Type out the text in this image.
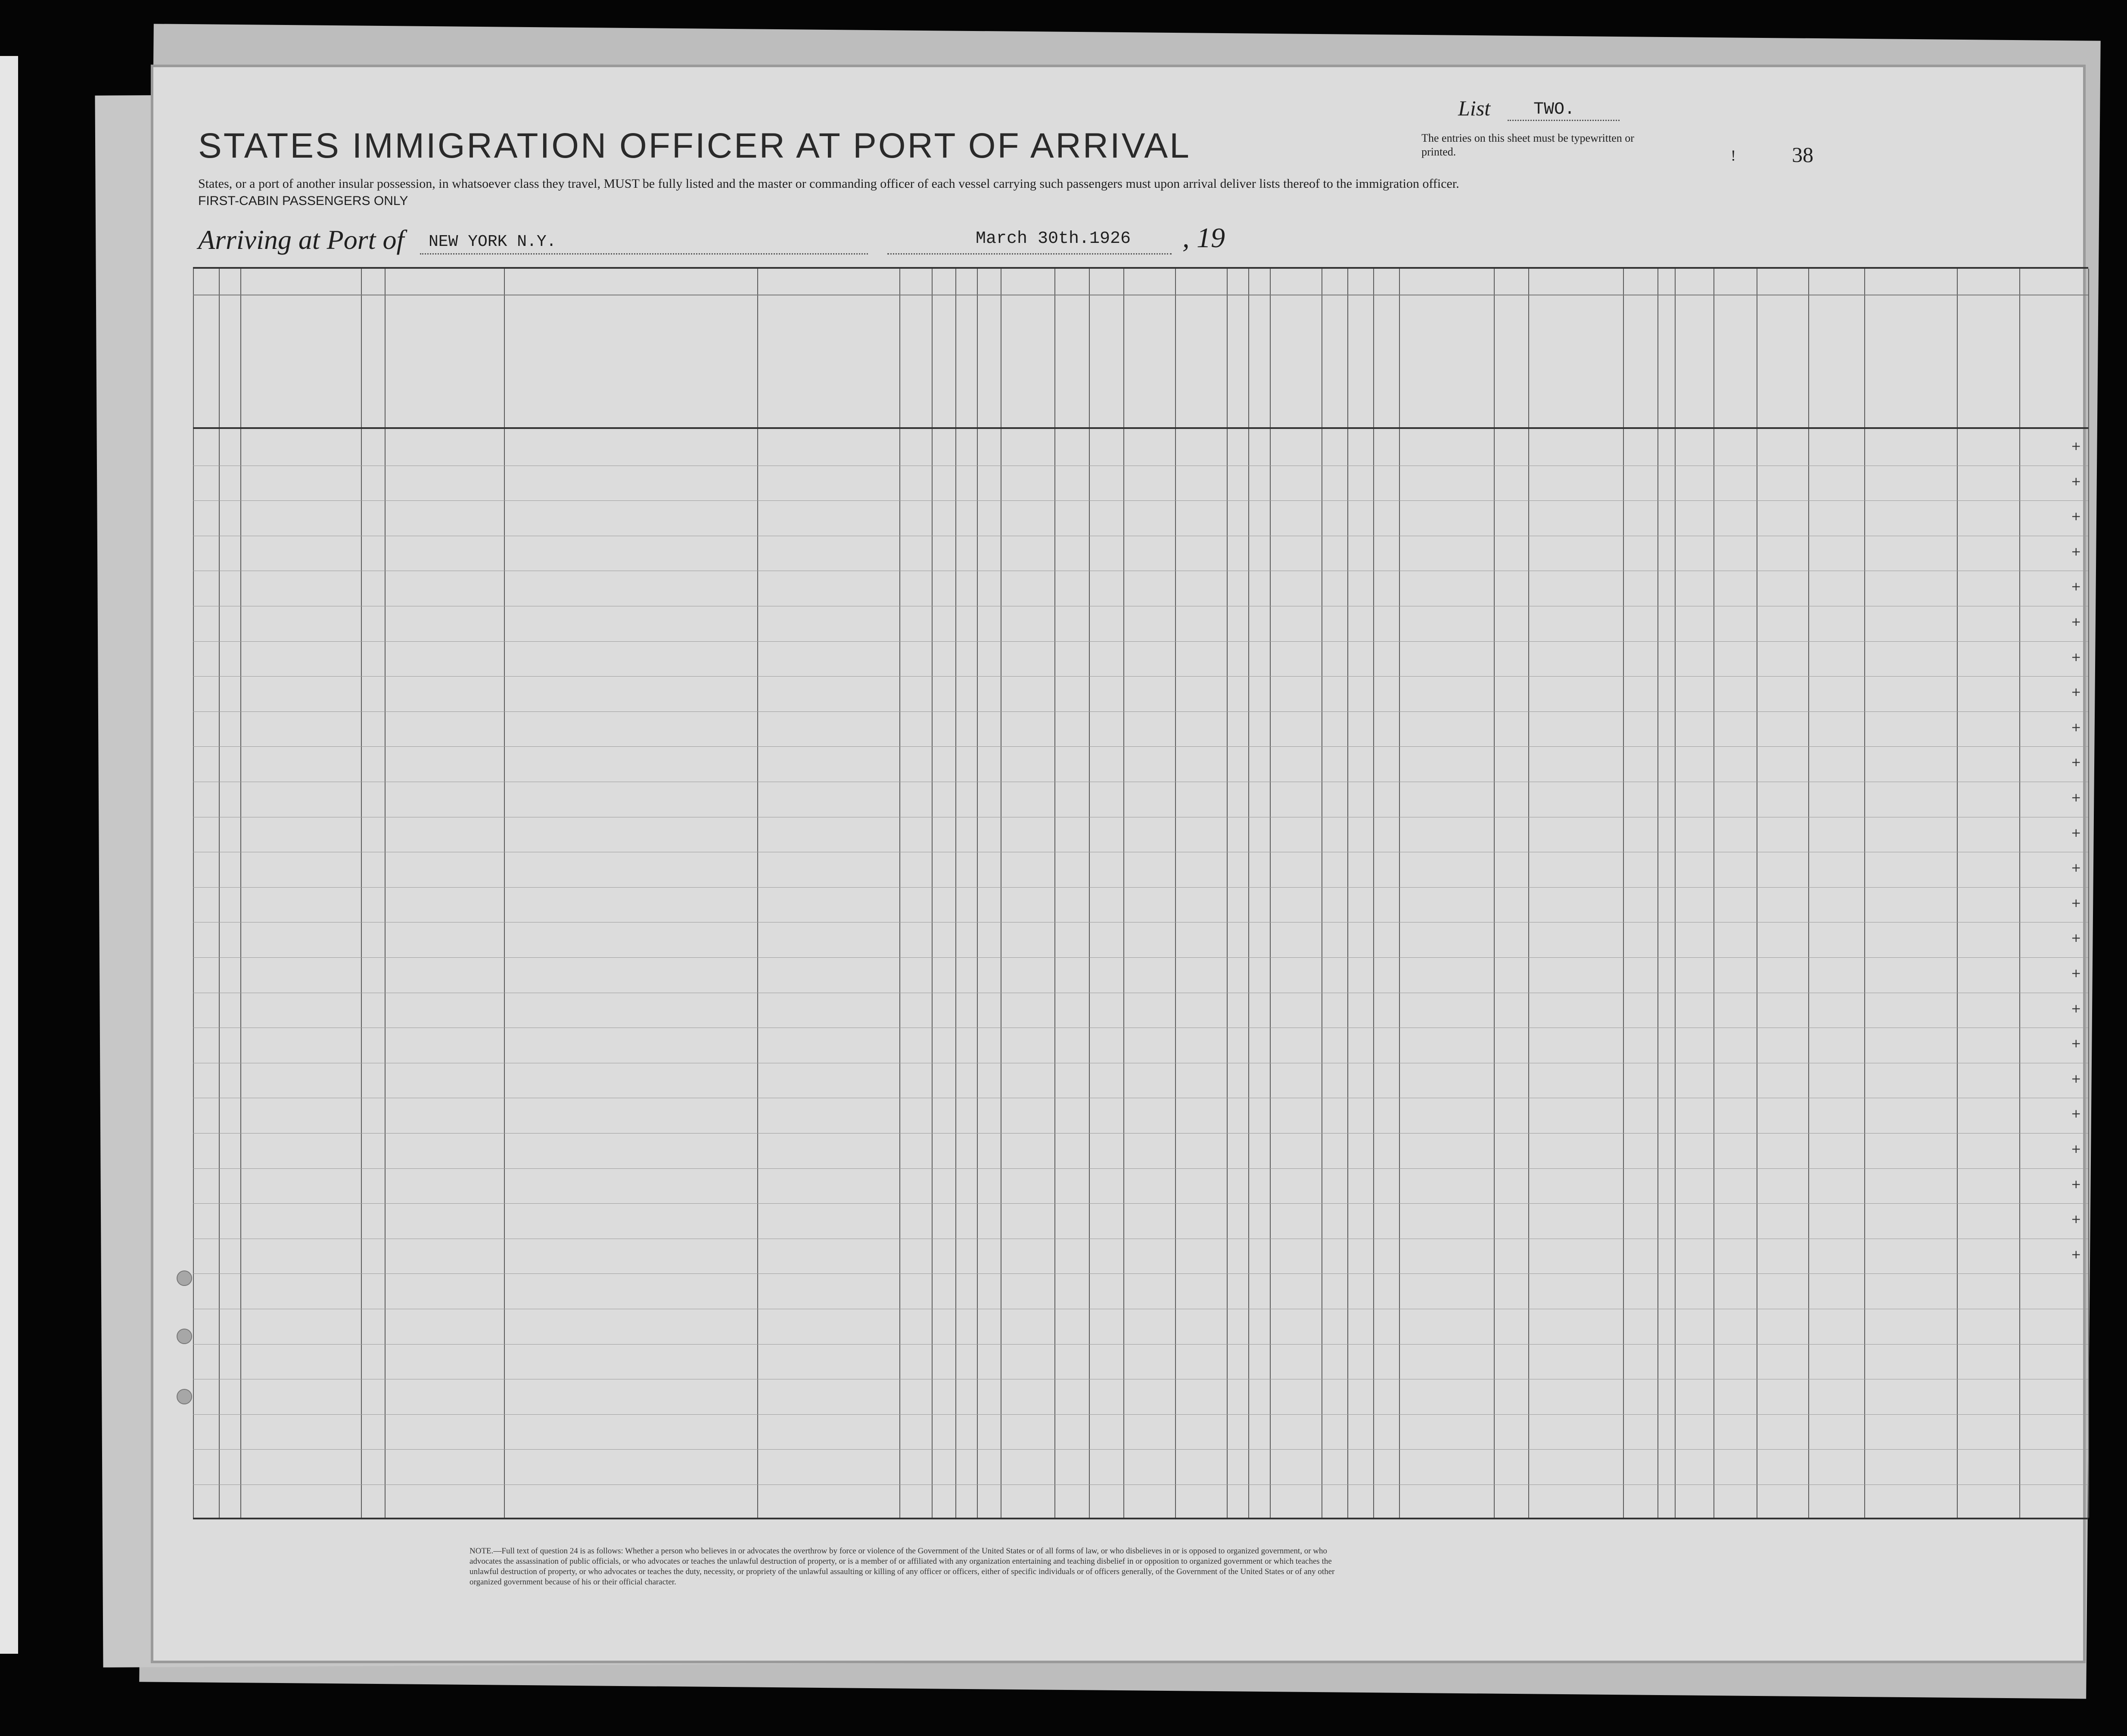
STATES IMMIGRATION OFFICER AT PORT OF ARRIVAL
List TWO.
The entries on this sheet must be typewritten or printed.	!	38
States, or a port of another insular possession, in whatsoever class they travel, MUST be fully listed and the master or commanding officer of each vessel carrying such passengers must upon arrival deliver lists thereof to the immigration officer.
FIRST-CABIN PASSENGERS ONLY
Arriving at Port of NEW YORK N.Y.	March 30th.1926 , 19
+
+
+
+
+
+
+
+
+
+
+
+
+
+
+
+
+
+
+
+
+
+
+
+
NOTE.—Full text of question 24 is as follows: Whether a person who believes in or advocates the overthrow by force or violence of the Government of the United States or of all forms of law, or who disbelieves in or is opposed to organized government, or who advocates the assassination of public officials, or who advocates or teaches the unlawful destruction of property, or is a member of or affiliated with any organization entertaining and teaching disbelief in or opposition to organized government or which teaches the unlawful destruction of property, or who advocates or teaches the duty, necessity, or propriety of the unlawful assaulting or killing of any officer or officers, either of specific individuals or of officers generally, of the Government of the United States or of any other organized government because of his or their official character.
